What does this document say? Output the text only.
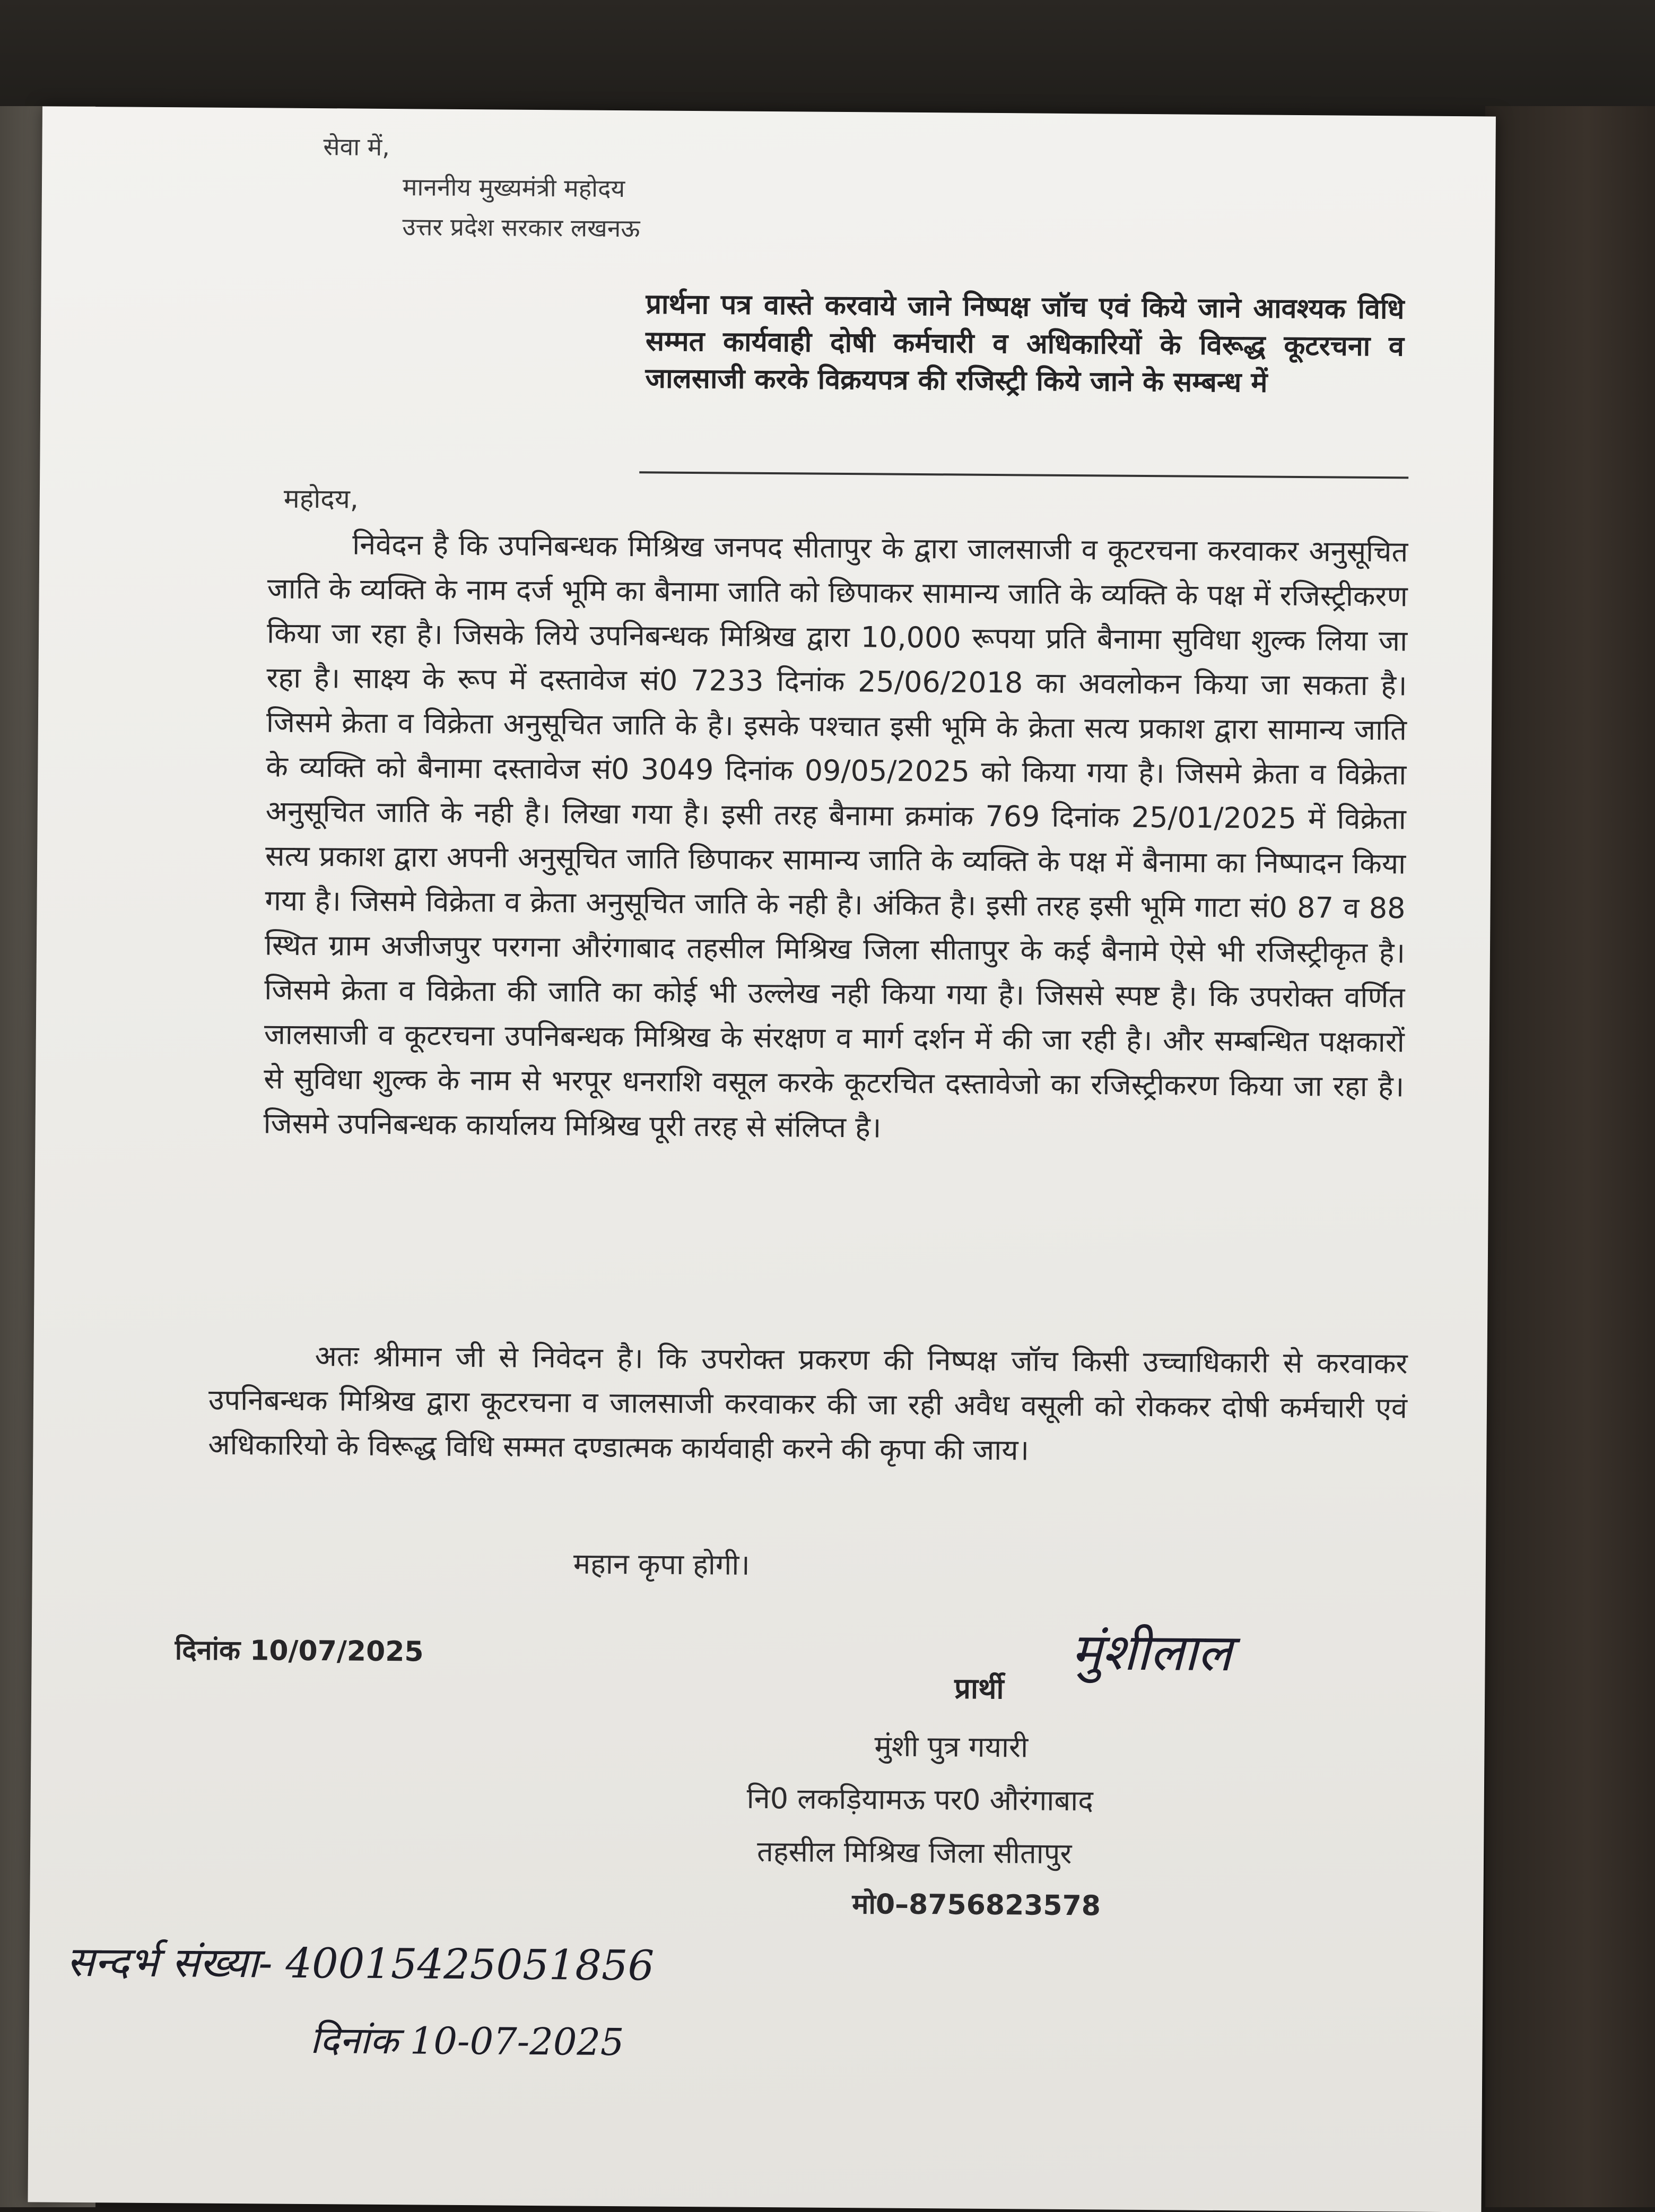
सेवा में,
माननीय मुख्यमंत्री महोदय
उत्तर प्रदेश सरकार लखनऊ
प्रार्थना पत्र वास्ते करवाये जाने निष्पक्ष जॉच एवं किये जाने आवश्यक विधि सम्मत कार्यवाही दोषी कर्मचारी व अधिकारियों के विरूद्ध कूटरचना व जालसाजी करके विक्रयपत्र की रजिस्ट्री किये जाने के सम्बन्ध में
महोदय,
निवेदन है कि उपनिबन्धक मिश्रिख जनपद सीतापुर के द्वारा जालसाजी व कूटरचना करवाकर अनुसूचित जाति के व्यक्ति के नाम दर्ज भूमि का बैनामा जाति को छिपाकर सामान्य जाति के व्यक्ति के पक्ष में रजिस्ट्रीकरण किया जा रहा है। जिसके लिये उपनिबन्धक मिश्रिख द्वारा 10,000 रूपया प्रति बैनामा सुविधा शुल्क लिया जा रहा है। साक्ष्य के रूप में दस्तावेज सं0 7233 दिनांक 25/06/2018 का अवलोकन किया जा सकता है। जिसमे क्रेता व विक्रेता अनुसूचित जाति के है। इसके पश्चात इसी भूमि के क्रेता सत्य प्रकाश द्वारा सामान्य जाति के व्यक्ति को बैनामा दस्तावेज सं0 3049 दिनांक 09/05/2025 को किया गया है। जिसमे क्रेता व विक्रेता अनुसूचित जाति के नही है। लिखा गया है। इसी तरह बैनामा क्रमांक 769 दिनांक 25/01/2025 में विक्रेता सत्य प्रकाश द्वारा अपनी अनुसूचित जाति छिपाकर सामान्य जाति के व्यक्ति के पक्ष में बैनामा का निष्पादन किया गया है। जिसमे विक्रेता व क्रेता अनुसूचित जाति के नही है। अंकित है। इसी तरह इसी भूमि गाटा सं0 87 व 88 स्थित ग्राम अजीजपुर परगना औरंगाबाद तहसील मिश्रिख जिला सीतापुर के कई बैनामे ऐसे भी रजिस्ट्रीकृत है। जिसमे क्रेता व विक्रेता की जाति का कोई भी उल्लेख नही किया गया है। जिससे स्पष्ट है। कि उपरोक्त वर्णित जालसाजी व कूटरचना उपनिबन्धक मिश्रिख के संरक्षण व मार्ग दर्शन में की जा रही है। और सम्बन्धित पक्षकारों से सुविधा शुल्क के नाम से भरपूर धनराशि वसूल करके कूटरचित दस्तावेजो का रजिस्ट्रीकरण किया जा रहा है। जिसमे उपनिबन्धक कार्यालय मिश्रिख पूरी तरह से संलिप्त है।
अतः श्रीमान जी से निवेदन है। कि उपरोक्त प्रकरण की निष्पक्ष जॉच किसी उच्चाधिकारी से करवाकर उपनिबन्धक मिश्रिख द्वारा कूटरचना व जालसाजी करवाकर की जा रही अवैध वसूली को रोककर दोषी कर्मचारी एवं अधिकारियो के विरूद्ध विधि सम्मत दण्डात्मक कार्यवाही करने की कृपा की जाय।
महान कृपा होगी।
दिनांक 10/07/2025
प्रार्थी
मुंशीलाल
मुंशी पुत्र गयारी
नि0 लकड़ियामऊ पर0 औरंगाबाद
तहसील मिश्रिख जिला सीतापुर
मो0–8756823578
सन्दर्भ संख्या- 40015425051856
दिनांक 10-07-2025
